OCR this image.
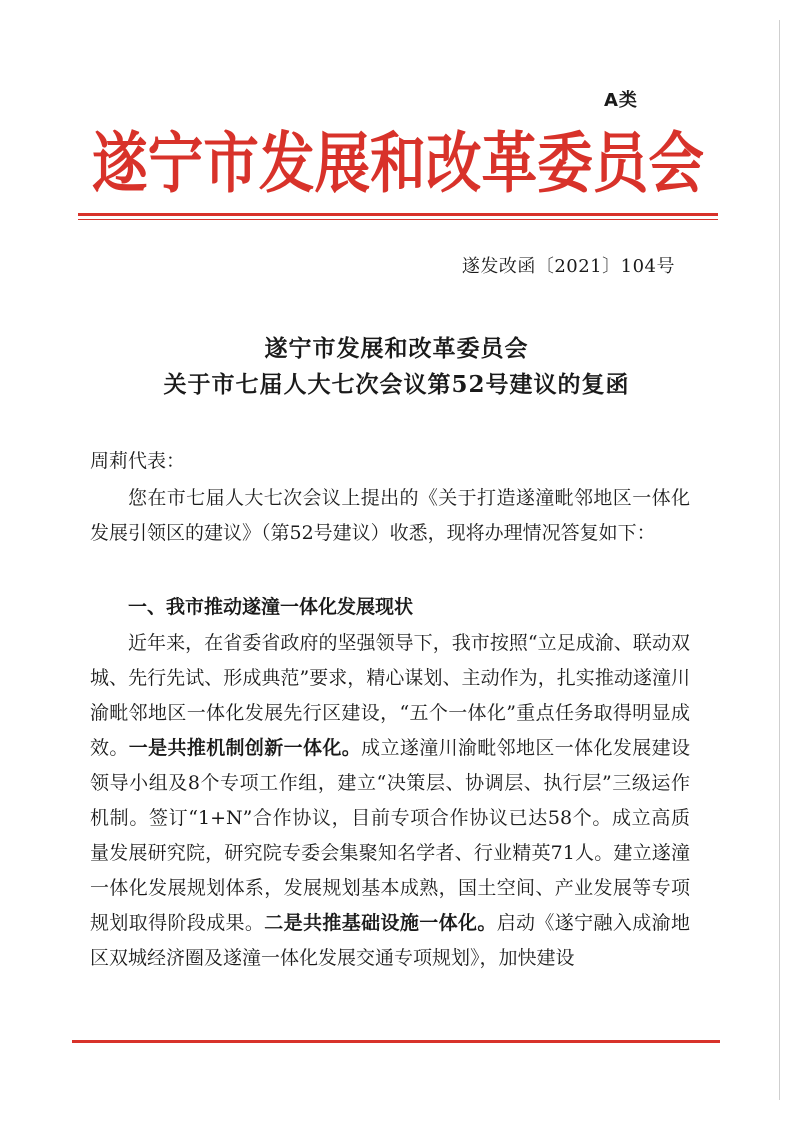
A类
遂宁市发展和改革委员会
遂发改函〔2021〕104号
遂宁市发展和改革委员会
关于市七届人大七次会议第52号建议的复函
周莉代表：
您在市七届人大七次会议上提出的《关于打造遂潼毗邻地区一体化发展引领区的建议》（第52号建议）收悉，现将办理情况答复如下：
一、我市推动遂潼一体化发展现状
近年来，在省委省政府的坚强领导下，我市按照“立足成渝、联动双城、先行先试、形成典范”要求，精心谋划、主动作为，扎实推动遂潼川渝毗邻地区一体化发展先行区建设，“五个一体化”重点任务取得明显成效。一是共推机制创新一体化。成立遂潼川渝毗邻地区一体化发展建设领导小组及8个专项工作组，建立“决策层、协调层、执行层”三级运作机制。签订“1+N”合作协议，目前专项合作协议已达58个。成立高质量发展研究院，研究院专委会集聚知名学者、行业精英71人。建立遂潼一体化发展规划体系，发展规划基本成熟，国土空间、产业发展等专项规划取得阶段成果。二是共推基础设施一体化。启动《遂宁融入成渝地区双城经济圈及遂潼一体化发展交通专项规划》，加快建设
